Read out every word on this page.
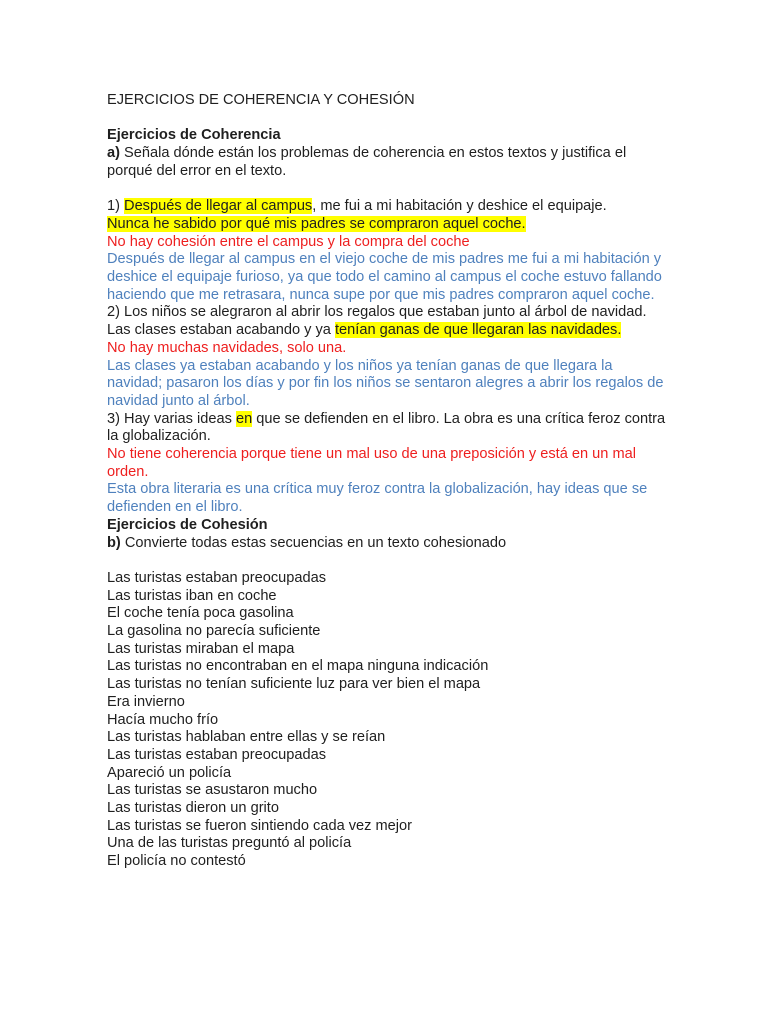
EJERCICIOS DE COHERENCIA Y COHESIÓN

Ejercicios de Coherencia

a) Señala dónde están los problemas de coherencia en estos textos y justifica el porqué del error en el texto.

1) Después de llegar al campus, me fui a mi habitación y deshice el equipaje.

Nunca he sabido por qué mis padres se compraron aquel coche.

No hay cohesión entre el campus y la compra del coche

Después de llegar al campus en el viejo coche de mis padres me fui a mi habitación y deshice el equipaje furioso, ya que todo el camino al campus el coche estuvo fallando haciendo que me retrasara, nunca supe por que mis padres compraron aquel coche.

2) Los niños se alegraron al abrir los regalos que estaban junto al árbol de navidad. Las clases estaban acabando y ya tenían ganas de que llegaran las navidades.

No hay muchas navidades, solo una.

Las clases ya estaban acabando y los niños ya tenían ganas de que llegara la navidad; pasaron los días y por fin los niños se sentaron alegres a abrir los regalos de navidad junto al árbol.

3) Hay varias ideas en que se defienden en el libro. La obra es una crítica feroz contra la globalización.

No tiene coherencia porque tiene un mal uso de una preposición y está en un mal orden.

Esta obra literaria es una crítica muy feroz contra la globalización, hay ideas que se defienden en el libro.

Ejercicios de Cohesión

b) Convierte todas estas secuencias en un texto cohesionado

Las turistas estaban preocupadas

Las turistas iban en coche

El coche tenía poca gasolina

La gasolina no parecía suficiente

Las turistas miraban el mapa

Las turistas no encontraban en el mapa ninguna indicación

Las turistas no tenían suficiente luz para ver bien el mapa

Era invierno

Hacía mucho frío

Las turistas hablaban entre ellas y se reían

Las turistas estaban preocupadas

Apareció un policía

Las turistas se asustaron mucho

Las turistas dieron un grito

Las turistas se fueron sintiendo cada vez mejor

Una de las turistas preguntó al policía

El policía no contestó
